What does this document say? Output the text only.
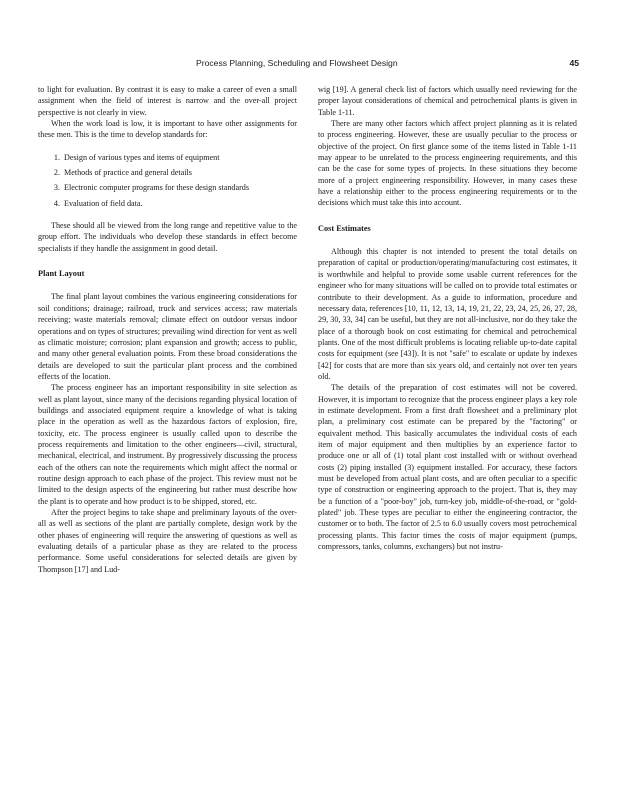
Process Planning, Scheduling and Flowsheet Design	45

to light for evaluation. By contrast it is easy to make a career of even a small assignment when the field of interest is narrow and the over-all project perspective is not clearly in view.

When the work load is low, it is important to have other assignments for these men. This is the time to develop standards for:

1. Design of various types and items of equipment
2. Methods of practice and general details
3. Electronic computer programs for these design standards
4. Evaluation of field data.

These should all be viewed from the long range and repetitive value to the group effort. The individuals who develop these standards in effect become specialists if they handle the assignment in good detail.

Plant Layout

The final plant layout combines the various engineering considerations for soil conditions; drainage; railroad, truck and services access; raw materials receiving; waste materials removal; climate effect on outdoor versus indoor operations and on types of structures; prevailing wind direction for vent as well as climatic moisture; corrosion; plant expansion and growth; access to public, and many other general evaluation points. From these broad considerations the details are developed to suit the particular plant process and the combined effects of the location.

The process engineer has an important responsibility in site selection as well as plant layout, since many of the decisions regarding physical location of buildings and associated equipment require a knowledge of what is taking place in the operation as well as the hazardous factors of explosion, fire, toxicity, etc. The process engineer is usually called upon to describe the process requirements and limitation to the other engineers—civil, structural, mechanical, electrical, and instrument. By progressively discussing the process each of the others can note the requirements which might affect the normal or routine design approach to each phase of the project. This review must not be limited to the design aspects of the engineering but rather must describe how the plant is to operate and how product is to be shipped, stored, etc.

After the project begins to take shape and preliminary layouts of the over-all as well as sections of the plant are partially complete, design work by the other phases of engineering will require the answering of questions as well as evaluating details of a particular phase as they are related to the process performance. Some useful considerations for selected details are given by Thompson [17] and Lud-

wig [19]. A general check list of factors which usually need reviewing for the proper layout considerations of chemical and petrochemical plants is given in Table 1-11.

There are many other factors which affect project planning as it is related to process engineering. However, these are usually peculiar to the process or objective of the project. On first glance some of the items listed in Table 1-11 may appear to be unrelated to the process engineering requirements, and this can be the case for some types of projects. In these situations they become more of a project engineering responsibility. However, in many cases these have a relationship either to the process engineering requirements or to the decisions which must take this into account.

Cost Estimates

Although this chapter is not intended to present the total details on preparation of capital or production/operating/manufacturing cost estimates, it is worthwhile and helpful to provide some usable current references for the engineer who for many situations will be called on to provide total estimates or contribute to their development. As a guide to information, procedure and necessary data, references [10, 11, 12, 13, 14, 19, 21, 22, 23, 24, 25, 26, 27, 28, 29, 30, 33, 34] can be useful, but they are not all-inclusive, nor do they take the place of a thorough book on cost estimating for chemical and petrochemical plants. One of the most difficult problems is locating reliable up-to-date capital costs for equipment (see [43]). It is not "safe" to escalate or update by indexes [42] for costs that are more than six years old, and certainly not over ten years old.

The details of the preparation of cost estimates will not be covered. However, it is important to recognize that the process engineer plays a key role in estimate development. From a first draft flowsheet and a preliminary plot plan, a preliminary cost estimate can be prepared by the "factoring" or equivalent method. This basically accumulates the individual costs of each item of major equipment and then multiplies by an experience factor to produce one or all of (1) total plant cost installed with or without overhead costs (2) piping installed (3) equipment installed. For accuracy, these factors must be developed from actual plant costs, and are often peculiar to a specific type of construction or engineering approach to the project. That is, they may be a function of a "poor-boy" job, turn-key job, middle-of-the-road, or "gold-plated" job. These types are peculiar to either the engineering contractor, the customer or to both. The factor of 2.5 to 6.0 usually covers most petrochemical processing plants. This factor times the costs of major equipment (pumps, compressors, tanks, columns, exchangers) but not instru-
